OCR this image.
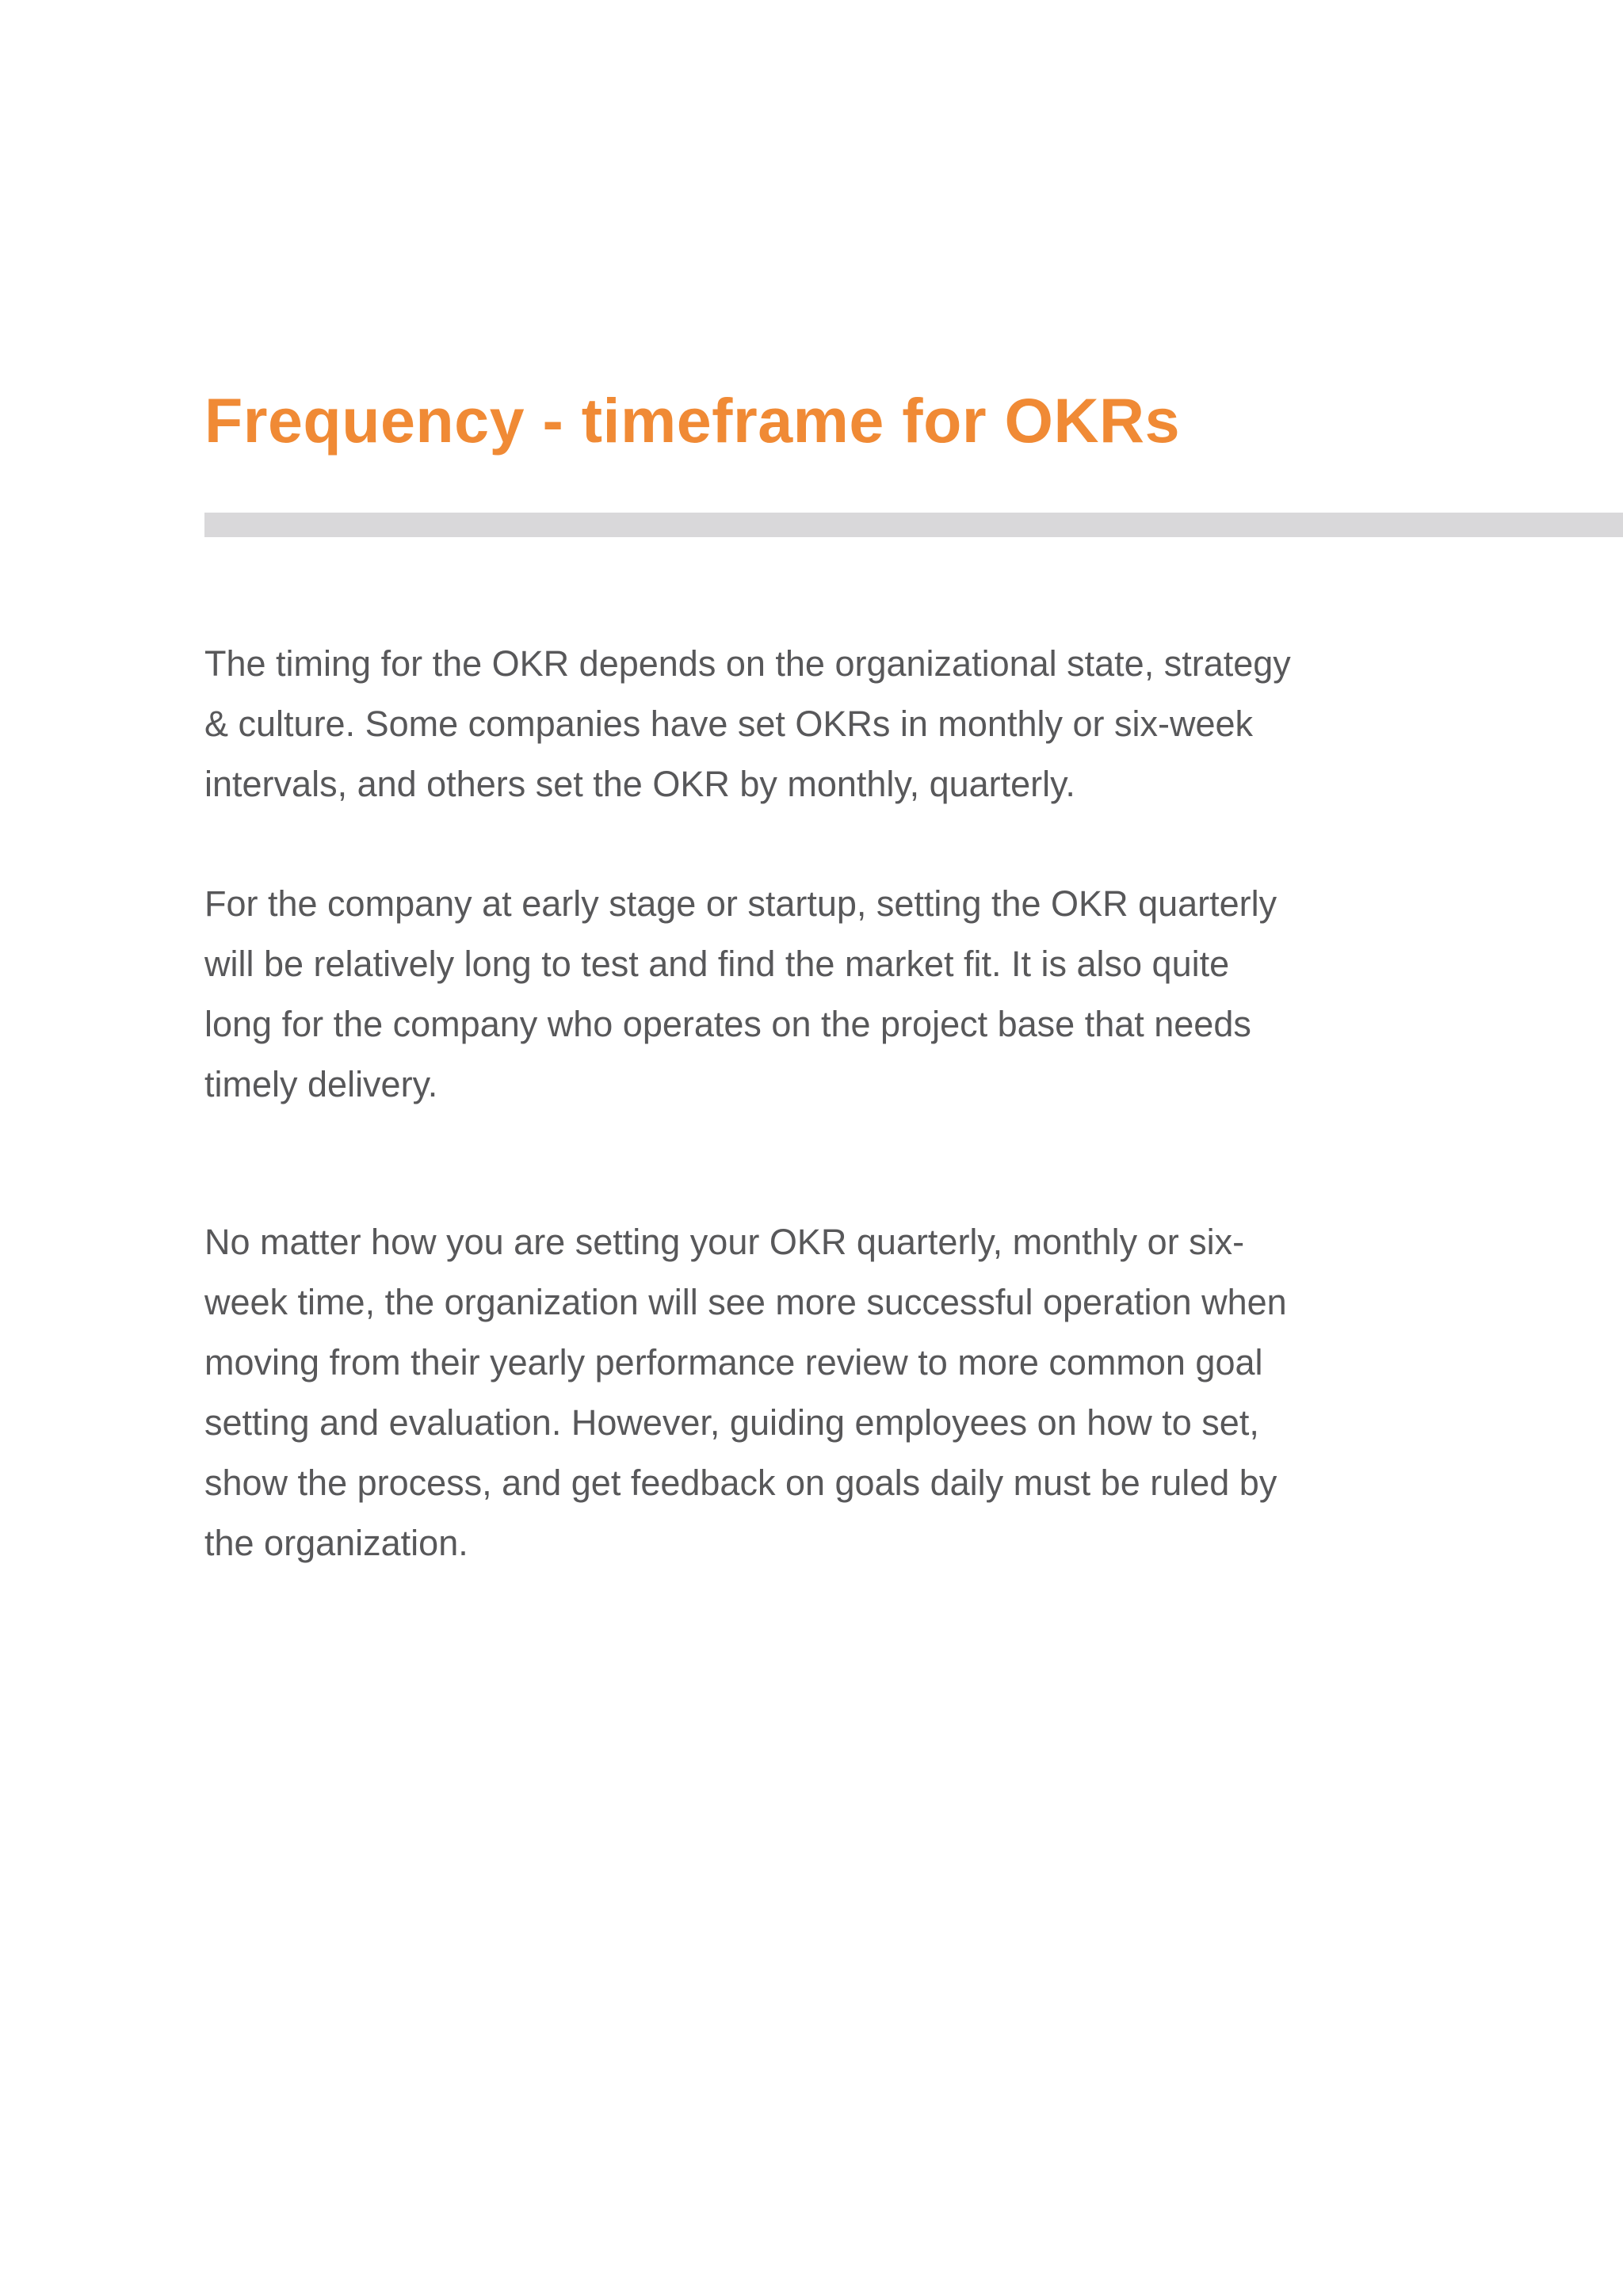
Frequency - timeframe for OKRs

The timing for the OKR depends on the organizational state, strategy
& culture. Some companies have set OKRs in monthly or six-week
intervals, and others set the OKR by monthly, quarterly.

For the company at early stage or startup, setting the OKR quarterly
will be relatively long to test and find the market fit. It is also quite
long for the company who operates on the project base that needs
timely delivery.

No matter how you are setting your OKR quarterly, monthly or six-
week time, the organization will see more successful operation when
moving from their yearly performance review to more common goal
setting and evaluation. However, guiding employees on how to set,
show the process, and get feedback on goals daily must be ruled by
the organization.
